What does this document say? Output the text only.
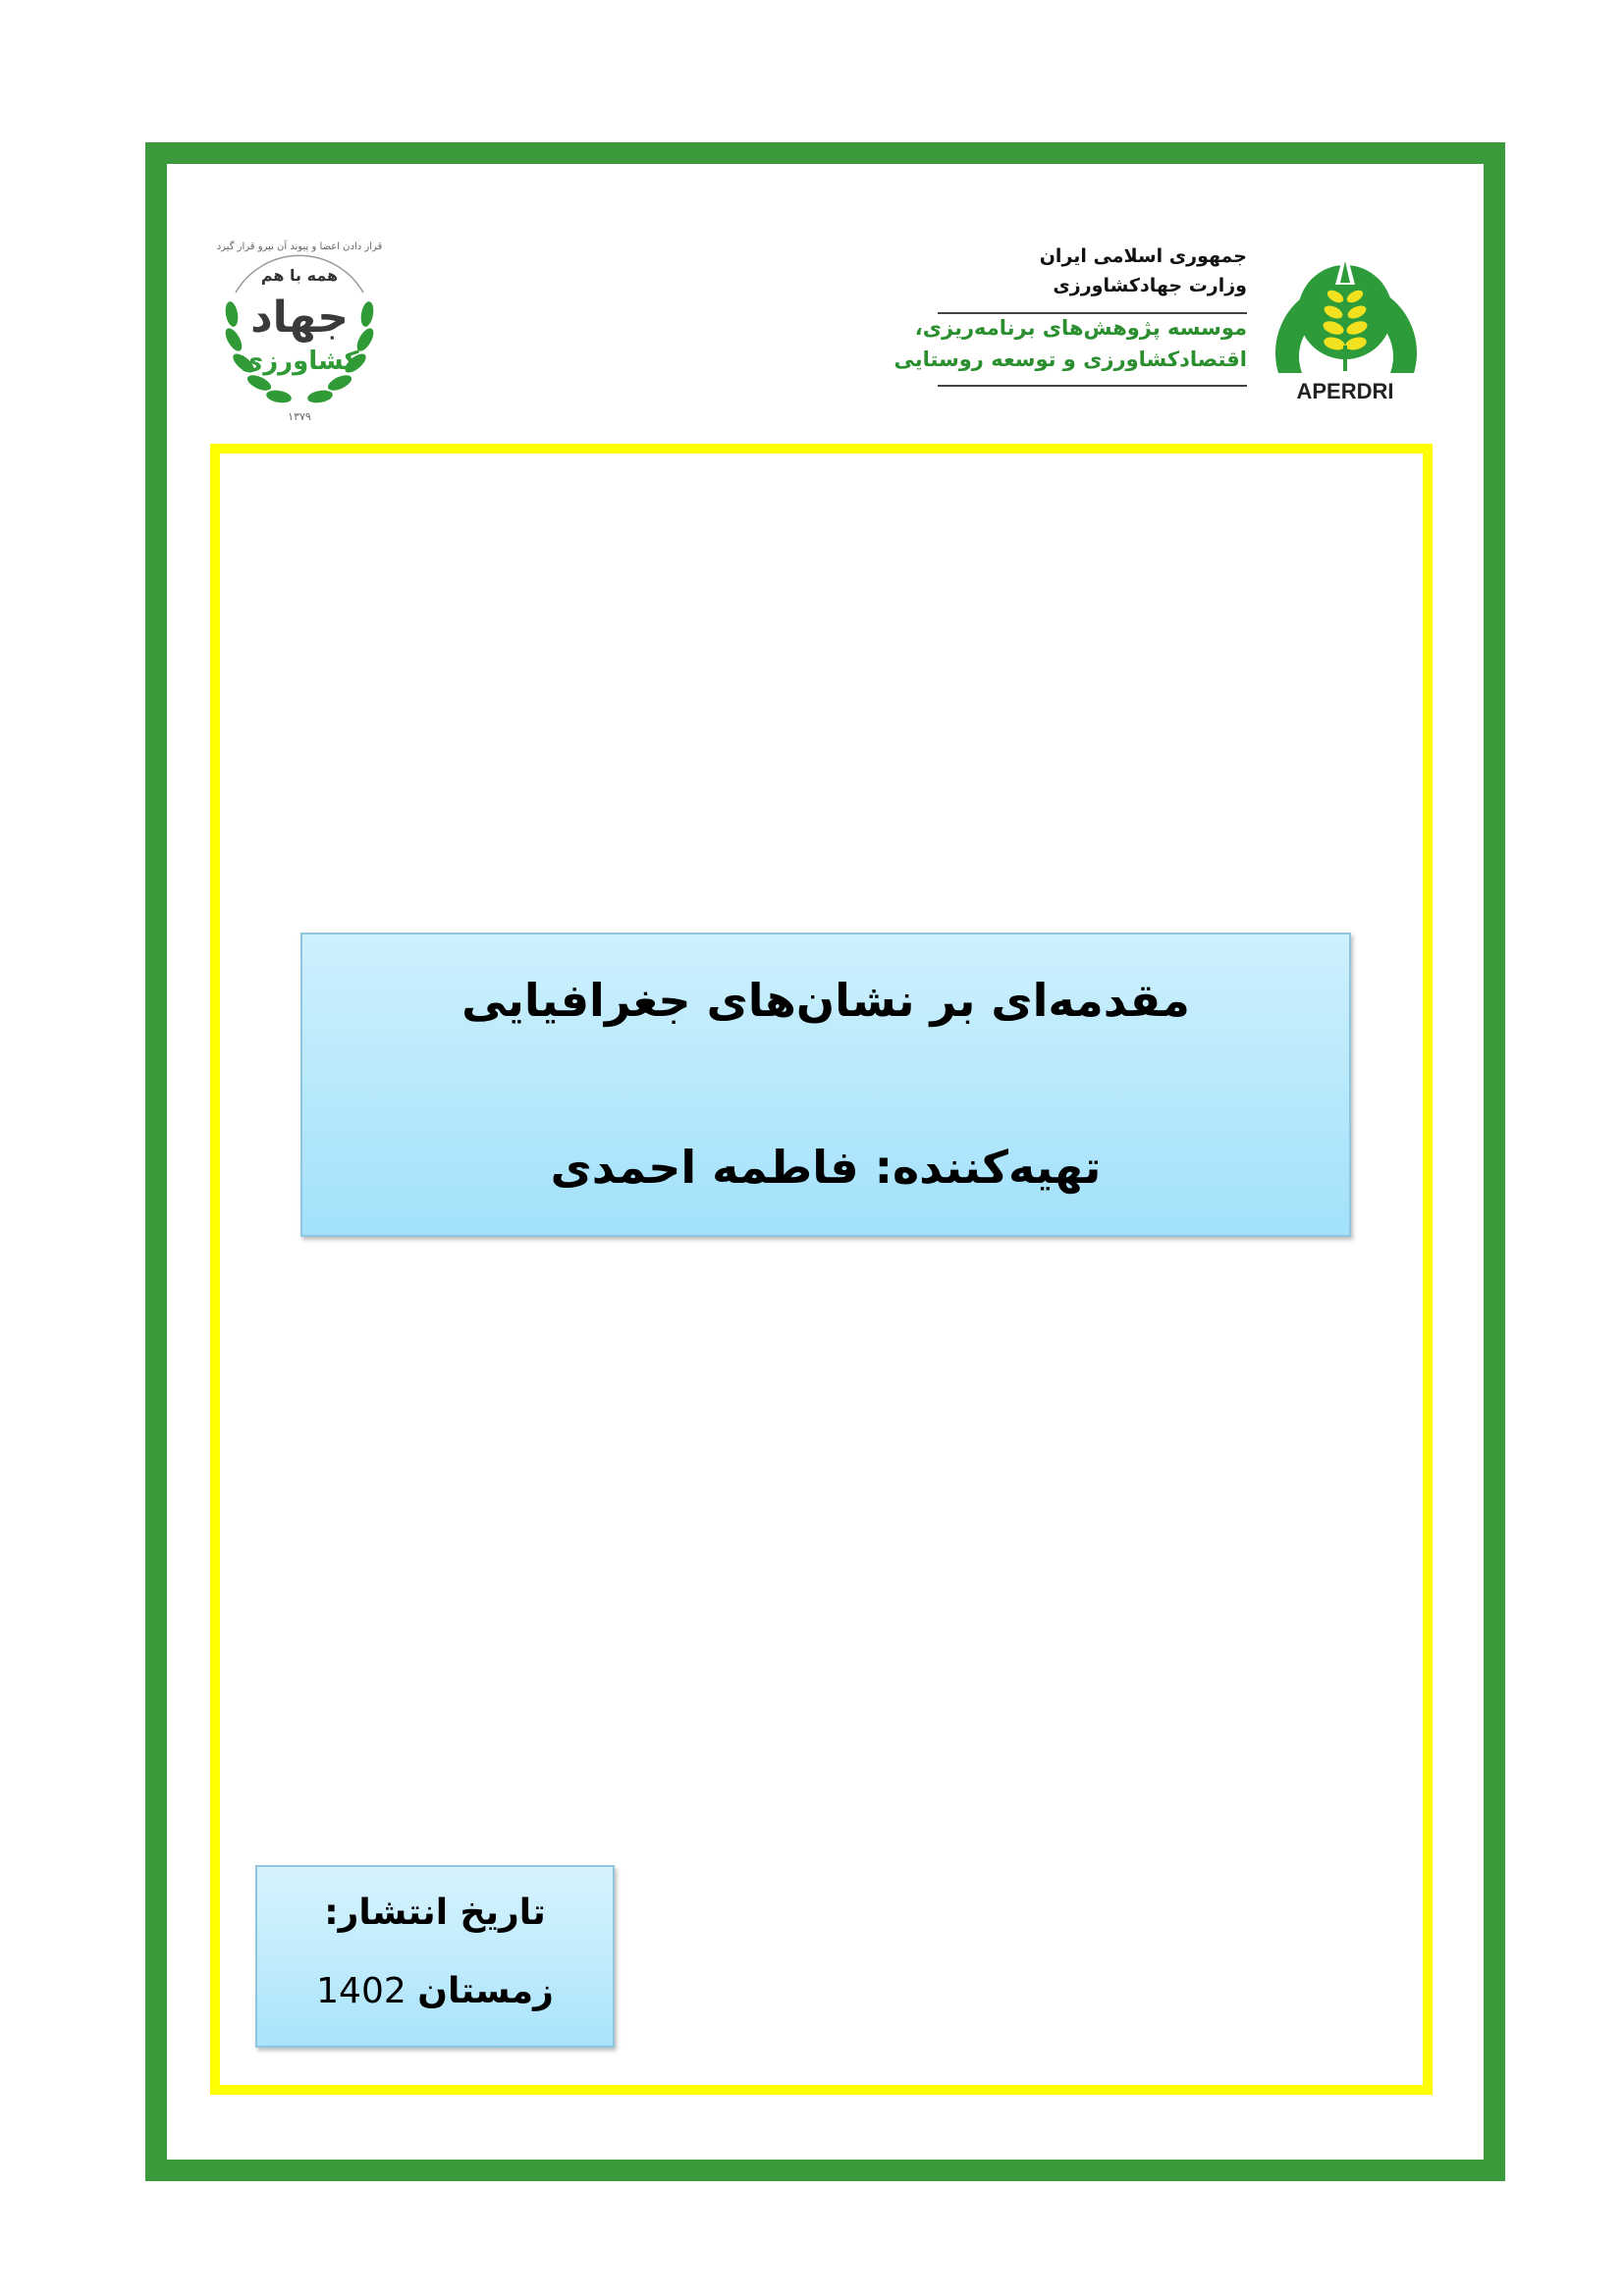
قرار دادن اعضا و پیوند آن نیرو قرار گیرد
همه با هم
جهاد
کشاورزی
۱۳۷۹
جمهوری اسلامی ایران
وزارت جهادکشاورزی
موسسه پژوهش‌های برنامه‌ریزی،
اقتصادکشاورزی و توسعه روستایی
APERDRI
مقدمه‌ای بر نشان‌های جغرافیایی
تهیه‌کننده: فاطمه احمدی
تاریخ انتشار:
زمستان 1402
